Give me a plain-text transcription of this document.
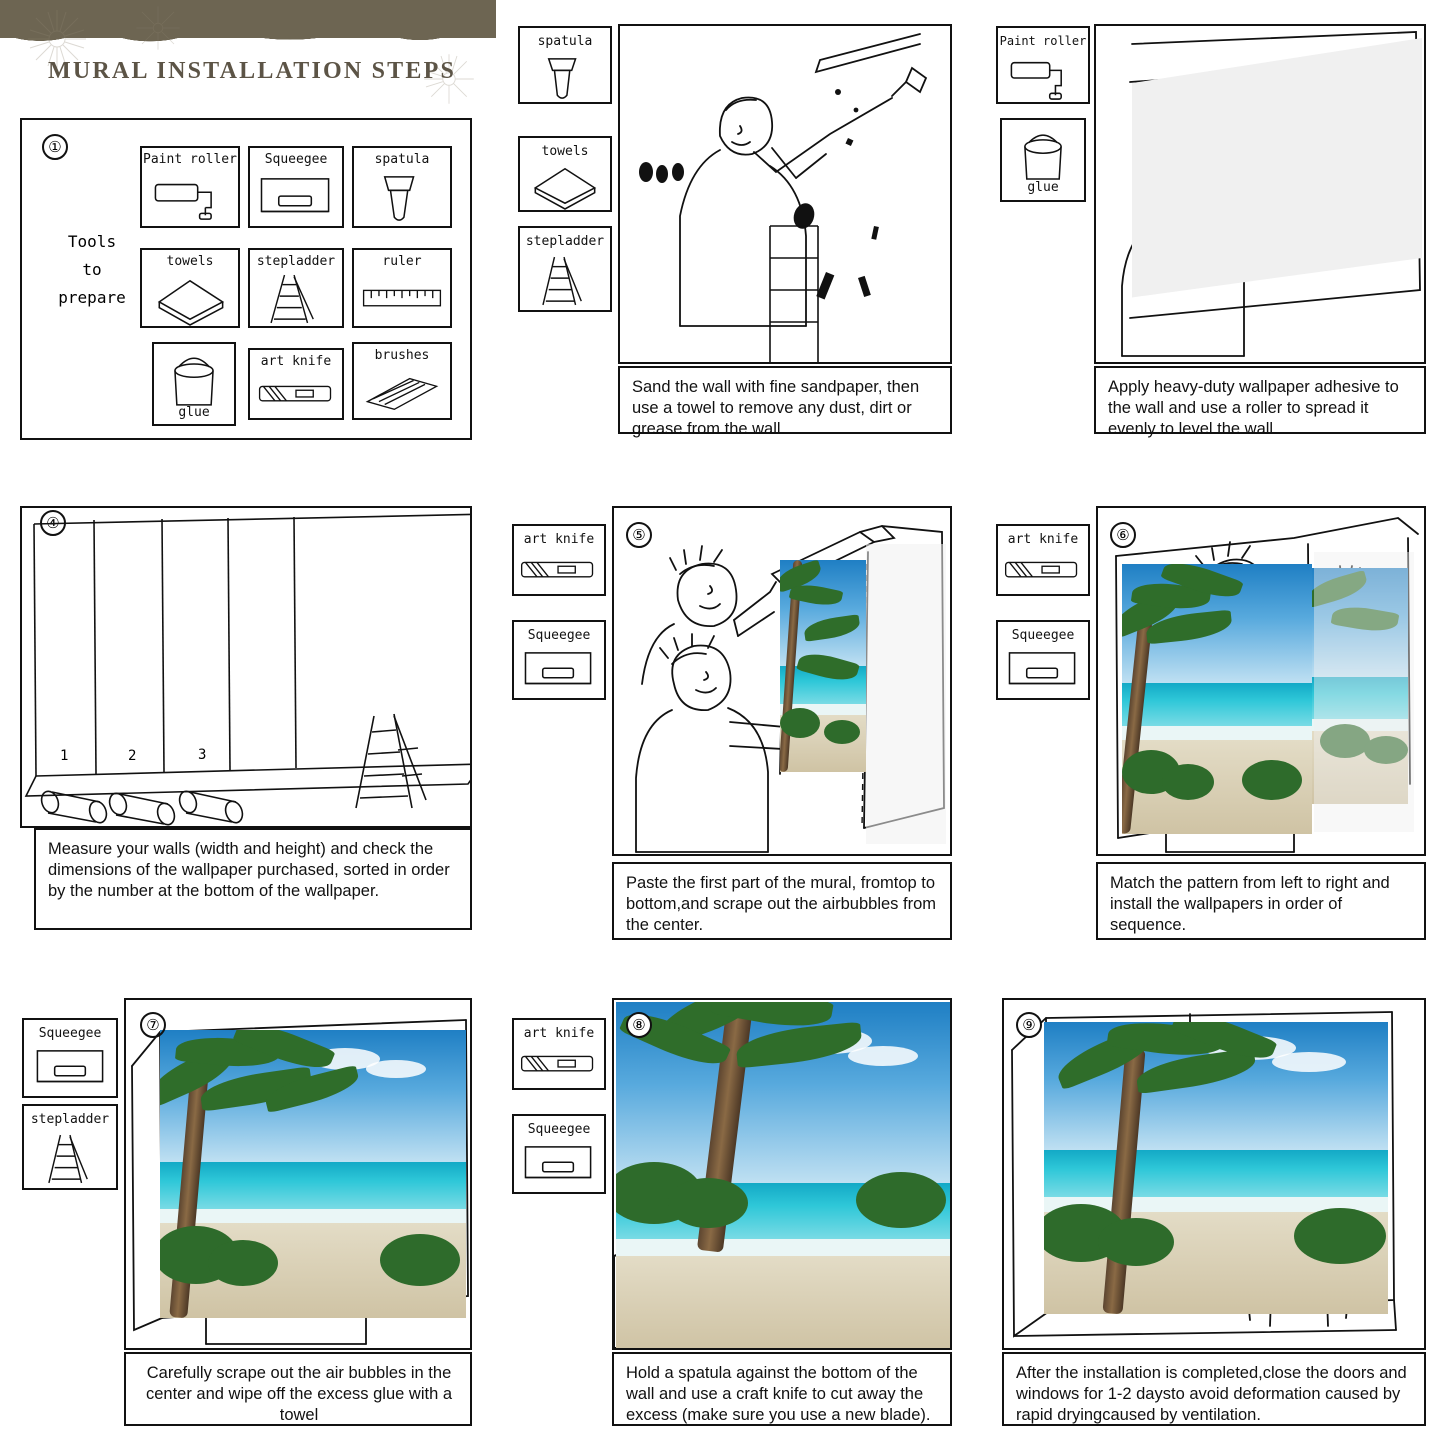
MURAL INSTALLATION STEPS
①
Tools
to
prepare
Paint roller	Squeegee	spatula
towels	stepladder	ruler
glue
art knife	brushes
spatula
towels
stepladder
Sand the wall with fine sandpaper, then use a towel to remove any dust, dirt or grease from the wall.
Paint roller
glue
Apply heavy-duty wallpaper adhesive to the wall and use a roller to spread it evenly to level the wall.
④
1	2	3
Measure your walls (width and height) and check the dimensions of the wallpaper purchased, sorted in order by the number at the bottom of the wallpaper.
art knife
Squeegee
⑤
Paste the first part of the mural, fromtop to bottom,and scrape out the airbubbles from the center.
art knife
Squeegee
⑥
Match the pattern from left to right and install the wallpapers in order of sequence.
Squeegee
stepladder
⑦
Carefully scrape out the air bubbles in the center and wipe off the excess glue with a towel
art knife
Squeegee
⑧
Hold a spatula against the bottom of the wall and use a craft knife to cut away the excess (make sure you use a new blade).
⑨
After the installation is completed,close the doors and windows for 1-2 daysto avoid deformation caused by rapid dryingcaused by ventilation.
